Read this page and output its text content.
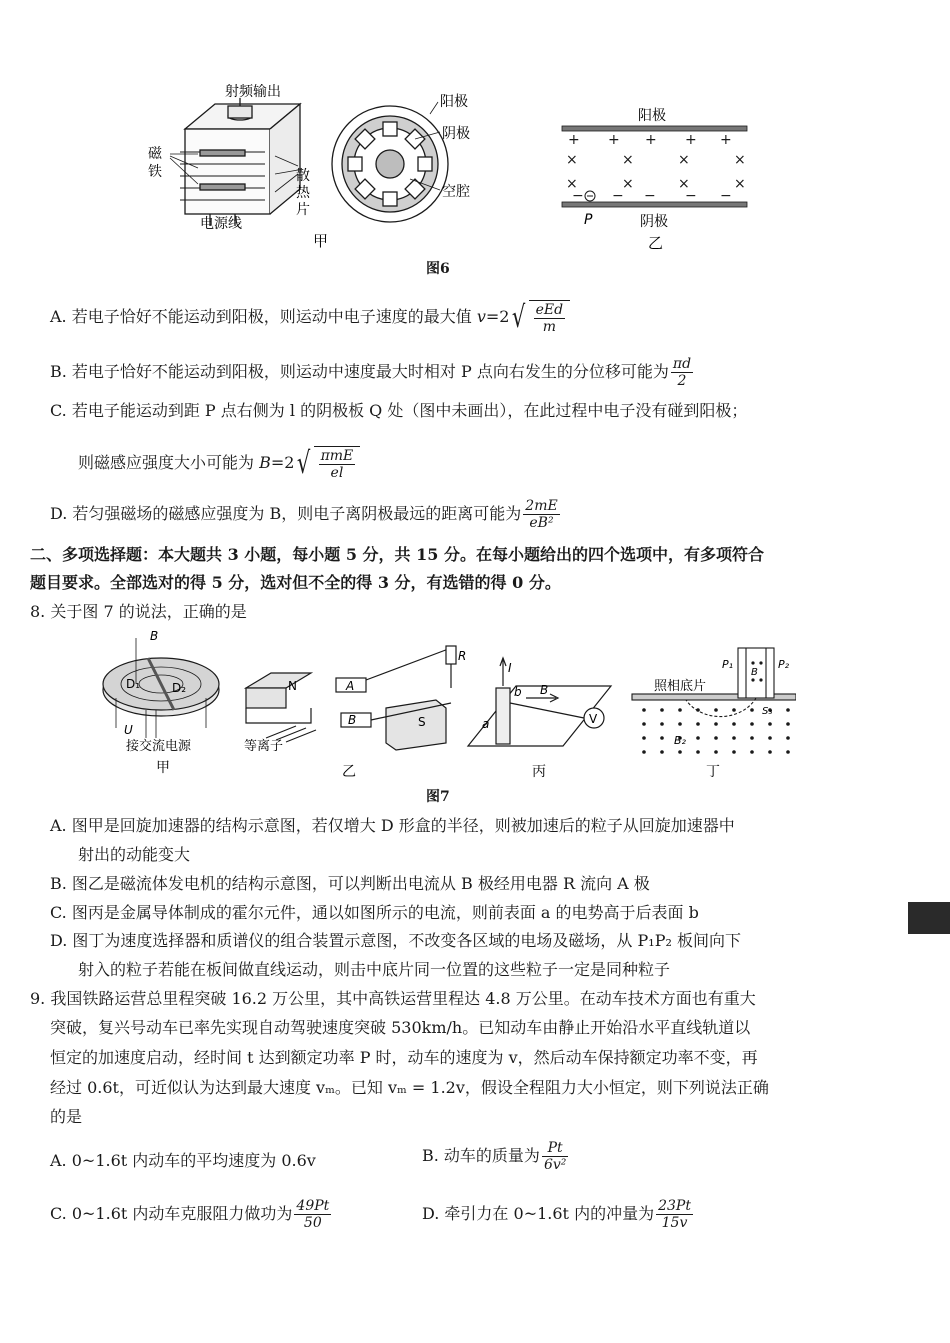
射频输出
磁
铁	散
热
片
电源线
阳极
阴极
空腔
甲
+ + + + +
×	×	×	×
×	×	×	×
− − − − −
阳极
阴极
P
乙
图6
A. 若电子恰好不能运动到阳极，则运动中电子速度的最大值 $v=2√ \frac{\text{eEd}}{m}$
B. 若电子恰好不能运动到阳极，则运动中速度最大时相对 P 点向右发生的分位移可能为 $\frac{\pi d}{2}$
C. 若电子能运动到距 P 点右侧为 l 的阴极板 Q 处（图中未画出），在此过程中电子没有碰到阳极；
则磁感应强度大小可能为 $B=2√ \frac{\text{πmE}}{el}$
D. 若匀强磁场的磁感应强度为 B，则电子离阴极最远的距离可能为 $\frac{2mE}{\text{eB²}}$
二、多项选择题：本大题共 3 小题，每小题 5 分，共 15 分。在每小题给出的四个选项中，有多项符合
题目要求。全部选对的得 5 分，选对但不全的得 3 分，有选错的得 0 分。
8. 关于图 7 的说法，正确的是
B
D₁	D₂
U
接交流电源
甲
R
N	A
B	S
等离子
乙
I
b B
a	V
丙
照相底片
P₁	P₂
B
S₃
B₂
丁
图7
A. 图甲是回旋加速器的结构示意图，若仅增大 D 形盒的半径，则被加速后的粒子从回旋加速器中
射出的动能变大
B. 图乙是磁流体发电机的结构示意图，可以判断出电流从 B 极经用电器 R 流向 A 极
C. 图丙是金属导体制成的霍尔元件，通以如图所示的电流，则前表面 a 的电势高于后表面 b
D. 图丁为速度选择器和质谱仪的组合装置示意图，不改变各区域的电场及磁场，从 P₁P₂ 板间向下
射入的粒子若能在板间做直线运动，则击中底片同一位置的这些粒子一定是同种粒子
9. 我国铁路运营总里程突破 16.2 万公里，其中高铁运营里程达 4.8 万公里。在动车技术方面也有重大
突破，复兴号动车已率先实现自动驾驶速度突破 530km/h。已知动车由静止开始沿水平直线轨道以
恒定的加速度启动，经时间 t 达到额定功率 P 时，动车的速度为 v，然后动车保持额定功率不变，再
经过 0.6t，可近似认为达到最大速度 vₘ。已知 vₘ = 1.2v，假设全程阻力大小恒定，则下列说法正确
的是
A. 0~1.6t 内动车的平均速度为 0.6v	B. 动车的质量为 $\frac{Pt}{\text{6v²}}$
C. 0~1.6t 内动车克服阻力做功为 $\frac{49Pt}{50}$	D. 牵引力在 0~1.6t 内的冲量为 $\frac{23Pt}{15v}$
